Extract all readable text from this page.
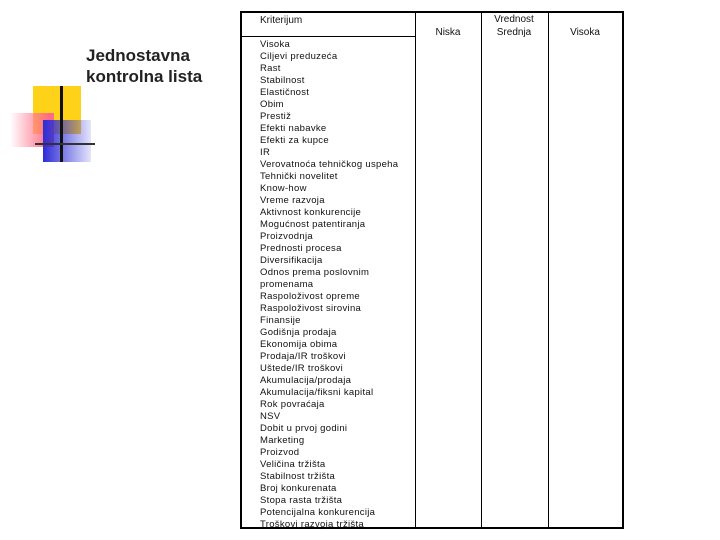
Jednostavna kontrolna lista
Kriterijum	Vrednost
Niska	Srednja	Visoka
Visoka
Ciljevi preduzeća
Rast
Stabilnost
Elastičnost
Obim
Prestiž
Efekti nabavke
Efekti za kupce
IR
Verovatnoća tehničkog uspeha
Tehnički novelitet
Know-how
Vreme razvoja
Aktivnost konkurencije
Mogućnost patentiranja
Proizvodnja
Prednosti procesa
Diversifikacija
Odnos prema poslovnim
promenama
Raspoloživost opreme
Raspoloživost sirovina
Finansije
Godišnja prodaja
Ekonomija obima
Prodaja/IR troškovi
Uštede/IR troškovi
Akumulacija/prodaja
Akumulacija/fiksni kapital
Rok povraćaja
NSV
Dobit u prvoj godini
Marketing
Proizvod
Veličina tržišta
Stabilnost tržišta
Broj konkurenata
Stopa rasta tržišta
Potencijalna konkurencija
Troškovi razvoja tržišta
